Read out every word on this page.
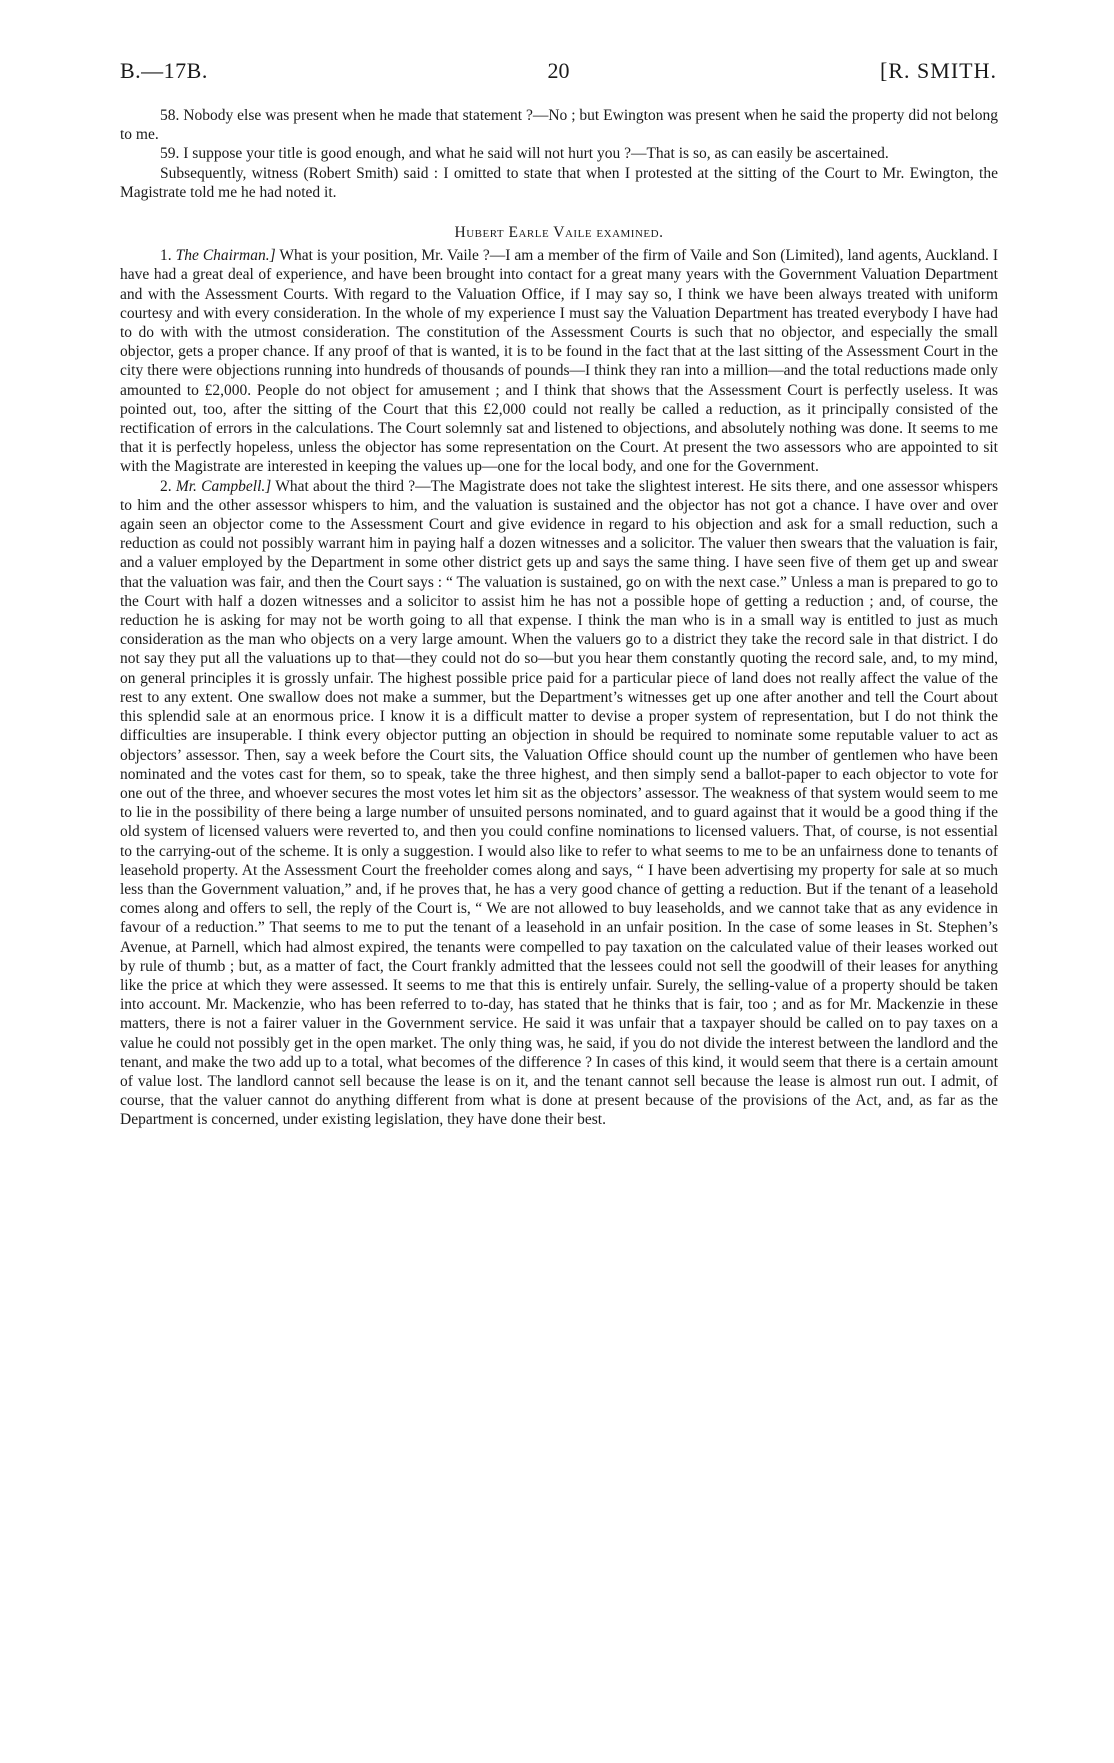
B.—17B.	20	[R. SMITH.

58. Nobody else was present when he made that statement ?—No ; but Ewington was present when he said the property did not belong to me.

59. I suppose your title is good enough, and what he said will not hurt you ?—That is so, as can easily be ascertained.

Subsequently, witness (Robert Smith) said : I omitted to state that when I protested at the sitting of the Court to Mr. Ewington, the Magistrate told me he had noted it.

Hubert Earle Vaile examined.

1. The Chairman.] What is your position, Mr. Vaile ?—I am a member of the firm of Vaile and Son (Limited), land agents, Auckland. I have had a great deal of experience, and have been brought into contact for a great many years with the Government Valuation Department and with the Assessment Courts. With regard to the Valuation Office, if I may say so, I think we have been always treated with uniform courtesy and with every consideration. In the whole of my experience I must say the Valuation Department has treated everybody I have had to do with with the utmost consideration. The constitution of the Assessment Courts is such that no objector, and especially the small objector, gets a proper chance. If any proof of that is wanted, it is to be found in the fact that at the last sitting of the Assessment Court in the city there were objections running into hundreds of thousands of pounds—I think they ran into a million—and the total reductions made only amounted to £2,000. People do not object for amusement ; and I think that shows that the Assessment Court is perfectly useless. It was pointed out, too, after the sitting of the Court that this £2,000 could not really be called a reduction, as it principally consisted of the rectification of errors in the calculations. The Court solemnly sat and listened to objections, and absolutely nothing was done. It seems to me that it is perfectly hopeless, unless the objector has some representation on the Court. At present the two assessors who are appointed to sit with the Magistrate are interested in keeping the values up—one for the local body, and one for the Government.

2. Mr. Campbell.] What about the third ?—The Magistrate does not take the slightest interest. He sits there, and one assessor whispers to him and the other assessor whispers to him, and the valuation is sustained and the objector has not got a chance. I have over and over again seen an objector come to the Assessment Court and give evidence in regard to his objection and ask for a small reduction, such a reduction as could not possibly warrant him in paying half a dozen witnesses and a solicitor. The valuer then swears that the valuation is fair, and a valuer employed by the Department in some other district gets up and says the same thing. I have seen five of them get up and swear that the valuation was fair, and then the Court says : “ The valuation is sustained, go on with the next case.” Unless a man is prepared to go to the Court with half a dozen witnesses and a solicitor to assist him he has not a possible hope of getting a reduction ; and, of course, the reduction he is asking for may not be worth going to all that expense. I think the man who is in a small way is entitled to just as much consideration as the man who objects on a very large amount. When the valuers go to a district they take the record sale in that district. I do not say they put all the valuations up to that—they could not do so—but you hear them constantly quoting the record sale, and, to my mind, on general principles it is grossly unfair. The highest possible price paid for a particular piece of land does not really affect the value of the rest to any extent. One swallow does not make a summer, but the Department’s witnesses get up one after another and tell the Court about this splendid sale at an enormous price. I know it is a difficult matter to devise a proper system of representation, but I do not think the difficulties are insuperable. I think every objector putting an objection in should be required to nominate some reputable valuer to act as objectors’ assessor. Then, say a week before the Court sits, the Valuation Office should count up the number of gentlemen who have been nominated and the votes cast for them, so to speak, take the three highest, and then simply send a ballot-paper to each objector to vote for one out of the three, and whoever secures the most votes let him sit as the objectors’ assessor. The weakness of that system would seem to me to lie in the possibility of there being a large number of unsuited persons nominated, and to guard against that it would be a good thing if the old system of licensed valuers were reverted to, and then you could confine nominations to licensed valuers. That, of course, is not essential to the carrying-out of the scheme. It is only a suggestion. I would also like to refer to what seems to me to be an unfairness done to tenants of leasehold property. At the Assessment Court the freeholder comes along and says, “ I have been advertising my property for sale at so much less than the Government valuation,” and, if he proves that, he has a very good chance of getting a reduction. But if the tenant of a leasehold comes along and offers to sell, the reply of the Court is, “ We are not allowed to buy leaseholds, and we cannot take that as any evidence in favour of a reduction.” That seems to me to put the tenant of a leasehold in an unfair position. In the case of some leases in St. Stephen’s Avenue, at Parnell, which had almost expired, the tenants were compelled to pay taxation on the calculated value of their leases worked out by rule of thumb ; but, as a matter of fact, the Court frankly admitted that the lessees could not sell the goodwill of their leases for anything like the price at which they were assessed. It seems to me that this is entirely unfair. Surely, the selling-value of a property should be taken into account. Mr. Mackenzie, who has been referred to to-day, has stated that he thinks that is fair, too ; and as for Mr. Mackenzie in these matters, there is not a fairer valuer in the Government service. He said it was unfair that a taxpayer should be called on to pay taxes on a value he could not possibly get in the open market. The only thing was, he said, if you do not divide the interest between the landlord and the tenant, and make the two add up to a total, what becomes of the difference ? In cases of this kind, it would seem that there is a certain amount of value lost. The landlord cannot sell because the lease is on it, and the tenant cannot sell because the lease is almost run out. I admit, of course, that the valuer cannot do anything different from what is done at present because of the provisions of the Act, and, as far as the Department is concerned, under existing legislation, they have done their best.
